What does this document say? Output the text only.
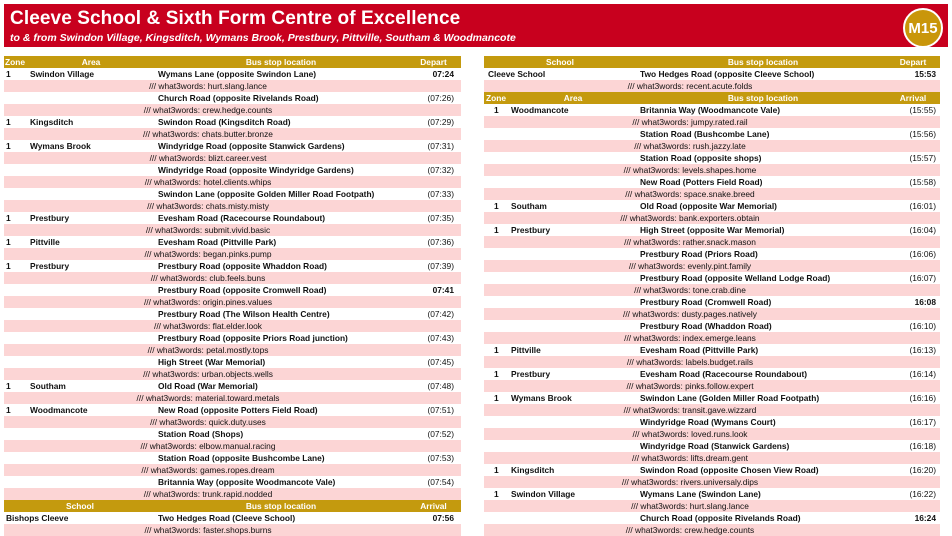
Cleeve School & Sixth Form Centre of Excellence
to & from Swindon Village, Kingsditch, Wymans Brook, Prestbury, Pittville, Southam & Woodmancote
M15
Zone	Area	Bus stop location	Depart
1	Swindon Village	Wymans Lane (opposite Swindon Lane)	07:24
/// what3words: hurt.slang.lance
Church Road (opposite Rivelands Road)	(07:26)
/// what3words: crew.hedge.counts
1	Kingsditch	Swindon Road (Kingsditch Road)	(07:29)
/// what3words: chats.butter.bronze
1	Wymans Brook	Windyridge Road (opposite Stanwick Gardens)	(07:31)
/// what3words: blizt.career.vest
Windyridge Road (opposite Windyridge Gardens)	(07:32)
/// what3words: hotel.clients.whips
Swindon Lane (opposite Golden Miller Road Footpath)	(07:33)
/// what3words: chats.misty.misty
1	Prestbury	Evesham Road (Racecourse Roundabout)	(07:35)
/// what3words: submit.vivid.basic
1	Pittville	Evesham Road (Pittville Park)	(07:36)
/// what3words: began.pinks.pump
1	Prestbury	Prestbury Road (opposite Whaddon Road)	(07:39)
/// what3words: club.feels.buns
Prestbury Road (opposite Cromwell Road)	07:41
/// what3words: origin.pines.values
Prestbury Road (The Wilson Health Centre)	(07:42)
/// what3words: flat.elder.look
Prestbury Road (opposite Priors Road junction)	(07:43)
/// what3words: petal.mostly.tops
High Street (War Memorial)	(07:45)
/// what3words: urban.objects.wells
1	Southam	Old Road (War Memorial)	(07:48)
/// what3words: material.toward.metals
1	Woodmancote	New Road (opposite Potters Field Road)	(07:51)
/// what3words: quick.duty.uses
Station Road (Shops)	(07:52)
/// what3words: elbow.manual.racing
Station Road (opposite Bushcombe Lane)	(07:53)
/// what3words: games.ropes.dream
Britannia Way (opposite Woodmancote Vale)	(07:54)
/// what3words: trunk.rapid.nodded
School	Bus stop location	Arrival
Bishops Cleeve	Two Hedges Road (Cleeve School)	07:56
/// what3words: faster.shops.burns
School	Bus stop location	Depart
Cleeve School	Two Hedges Road (opposite Cleeve School)	15:53
/// what3words: recent.acute.folds
Zone	Area	Bus stop location	Arrival
1	Woodmancote	Britannia Way (Woodmancote Vale)	(15:55)
/// what3words: jumpy.rated.rail
Station Road (Bushcombe Lane)	(15:56)
/// what3words: rush.jazzy.late
Station Road (opposite shops)	(15:57)
/// what3words: levels.shapes.home
New Road (Potters Field Road)	(15:58)
/// what3words: space.snake.breed
1	Southam	Old Road (opposite War Memorial)	(16:01)
/// what3words: bank.exporters.obtain
1	Prestbury	High Street (opposite War Memorial)	(16:04)
/// what3words: rather.snack.mason
Prestbury Road (Priors Road)	(16:06)
/// what3words: evenly.pint.family
Prestbury Road (opposite Welland Lodge Road)	(16:07)
/// what3words: tone.crab.dine
Prestbury Road (Cromwell Road)	16:08
/// what3words: dusty.pages.natively
Prestbury Road (Whaddon Road)	(16:10)
/// what3words: index.emerge.leans
1	Pittville	Evesham Road (Pittville Park)	(16:13)
/// what3words: labels.budget.rails
1	Prestbury	Evesham Road (Racecourse Roundabout)	(16:14)
/// what3words: pinks.follow.expert
1	Wymans Brook	Swindon Lane (Golden Miller Road Footpath)	(16:16)
/// what3words: transit.gave.wizzard
Windyridge Road (Wymans Court)	(16:17)
/// what3words: loved.runs.look
Windyridge Road (Stanwick Gardens)	(16:18)
/// what3words: lifts.dream.gent
1	Kingsditch	Swindon Road (opposite Chosen View Road)	(16:20)
/// what3words: rivers.universaly.dips
1	Swindon Village	Wymans Lane (Swindon Lane)	(16:22)
/// what3words: hurt.slang.lance
Church Road (opposite Rivelands Road)	16:24
/// what3words: crew.hedge.counts
